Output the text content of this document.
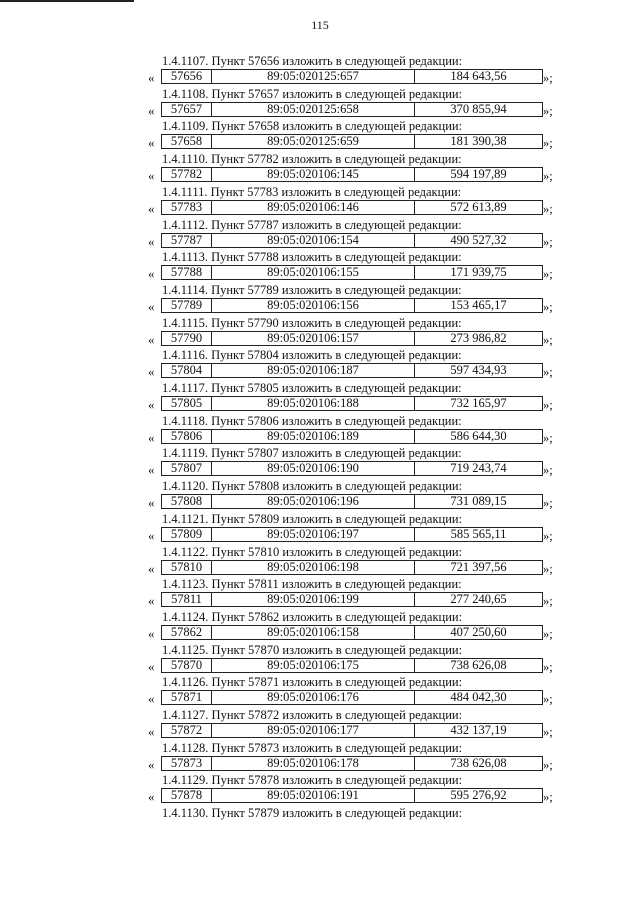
115
1.4.1107. Пункт 57656 изложить в следующей редакции:
«	57656	89:05:020125:657	184 643,56	»;
1.4.1108. Пункт 57657 изложить в следующей редакции:
«	57657	89:05:020125:658	370 855,94	»;
1.4.1109. Пункт 57658 изложить в следующей редакции:
«	57658	89:05:020125:659	181 390,38	»;
1.4.1110. Пункт 57782 изложить в следующей редакции:
«	57782	89:05:020106:145	594 197,89	»;
1.4.1111. Пункт 57783 изложить в следующей редакции:
«	57783	89:05:020106:146	572 613,89	»;
1.4.1112. Пункт 57787 изложить в следующей редакции:
«	57787	89:05:020106:154	490 527,32	»;
1.4.1113. Пункт 57788 изложить в следующей редакции:
«	57788	89:05:020106:155	171 939,75	»;
1.4.1114. Пункт 57789 изложить в следующей редакции:
«	57789	89:05:020106:156	153 465,17	»;
1.4.1115. Пункт 57790 изложить в следующей редакции:
«	57790	89:05:020106:157	273 986,82	»;
1.4.1116. Пункт 57804 изложить в следующей редакции:
«	57804	89:05:020106:187	597 434,93	»;
1.4.1117. Пункт 57805 изложить в следующей редакции:
«	57805	89:05:020106:188	732 165,97	»;
1.4.1118. Пункт 57806 изложить в следующей редакции:
«	57806	89:05:020106:189	586 644,30	»;
1.4.1119. Пункт 57807 изложить в следующей редакции:
«	57807	89:05:020106:190	719 243,74	»;
1.4.1120. Пункт 57808 изложить в следующей редакции:
«	57808	89:05:020106:196	731 089,15	»;
1.4.1121. Пункт 57809 изложить в следующей редакции:
«	57809	89:05:020106:197	585 565,11	»;
1.4.1122. Пункт 57810 изложить в следующей редакции:
«	57810	89:05:020106:198	721 397,56	»;
1.4.1123. Пункт 57811 изложить в следующей редакции:
«	57811	89:05:020106:199	277 240,65	»;
1.4.1124. Пункт 57862 изложить в следующей редакции:
«	57862	89:05:020106:158	407 250,60	»;
1.4.1125. Пункт 57870 изложить в следующей редакции:
«	57870	89:05:020106:175	738 626,08	»;
1.4.1126. Пункт 57871 изложить в следующей редакции:
«	57871	89:05:020106:176	484 042,30	»;
1.4.1127. Пункт 57872 изложить в следующей редакции:
«	57872	89:05:020106:177	432 137,19	»;
1.4.1128. Пункт 57873 изложить в следующей редакции:
«	57873	89:05:020106:178	738 626,08	»;
1.4.1129. Пункт 57878 изложить в следующей редакции:
«	57878	89:05:020106:191	595 276,92	»;
1.4.1130. Пункт 57879 изложить в следующей редакции:
